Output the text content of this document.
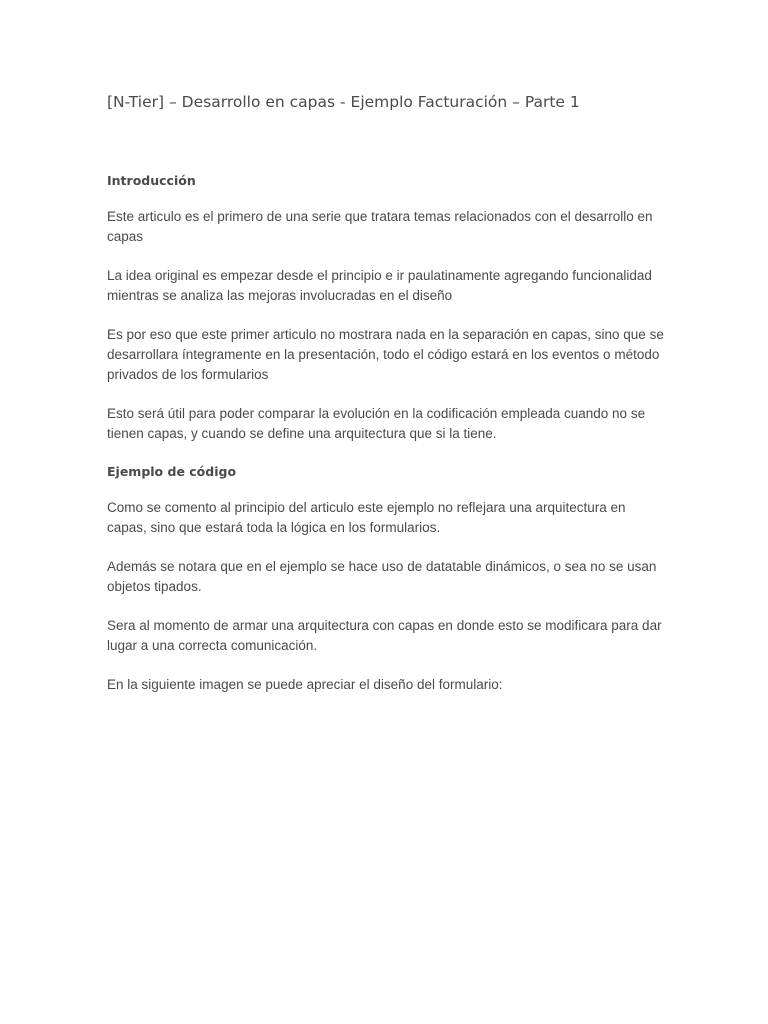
[N-Tier] – Desarrollo en capas - Ejemplo Facturación – Parte 1
Introducción

Este articulo es el primero de una serie que tratara temas relacionados con el desarrollo en capas

La idea original es empezar desde el principio e ir paulatinamente agregando funcionalidad mientras se analiza las mejoras involucradas en el diseño

Es por eso que este primer articulo no mostrara nada en la separación en capas, sino que se desarrollara íntegramente en la presentación, todo el código estará en los eventos o método privados de los formularios

Esto será útil para poder comparar la evolución en la codificación empleada cuando no se tienen capas, y cuando se define una arquitectura que si la tiene.

Ejemplo de código

Como se comento al principio del articulo este ejemplo no reflejara una arquitectura en capas, sino que estará toda la lógica en los formularios.

Además se notara que en el ejemplo se hace uso de datatable dinámicos, o sea no se usan objetos tipados.

Sera al momento de armar una arquitectura con capas en donde esto se modificara para dar lugar a una correcta comunicación.

En la siguiente imagen se puede apreciar el diseño del formulario:
